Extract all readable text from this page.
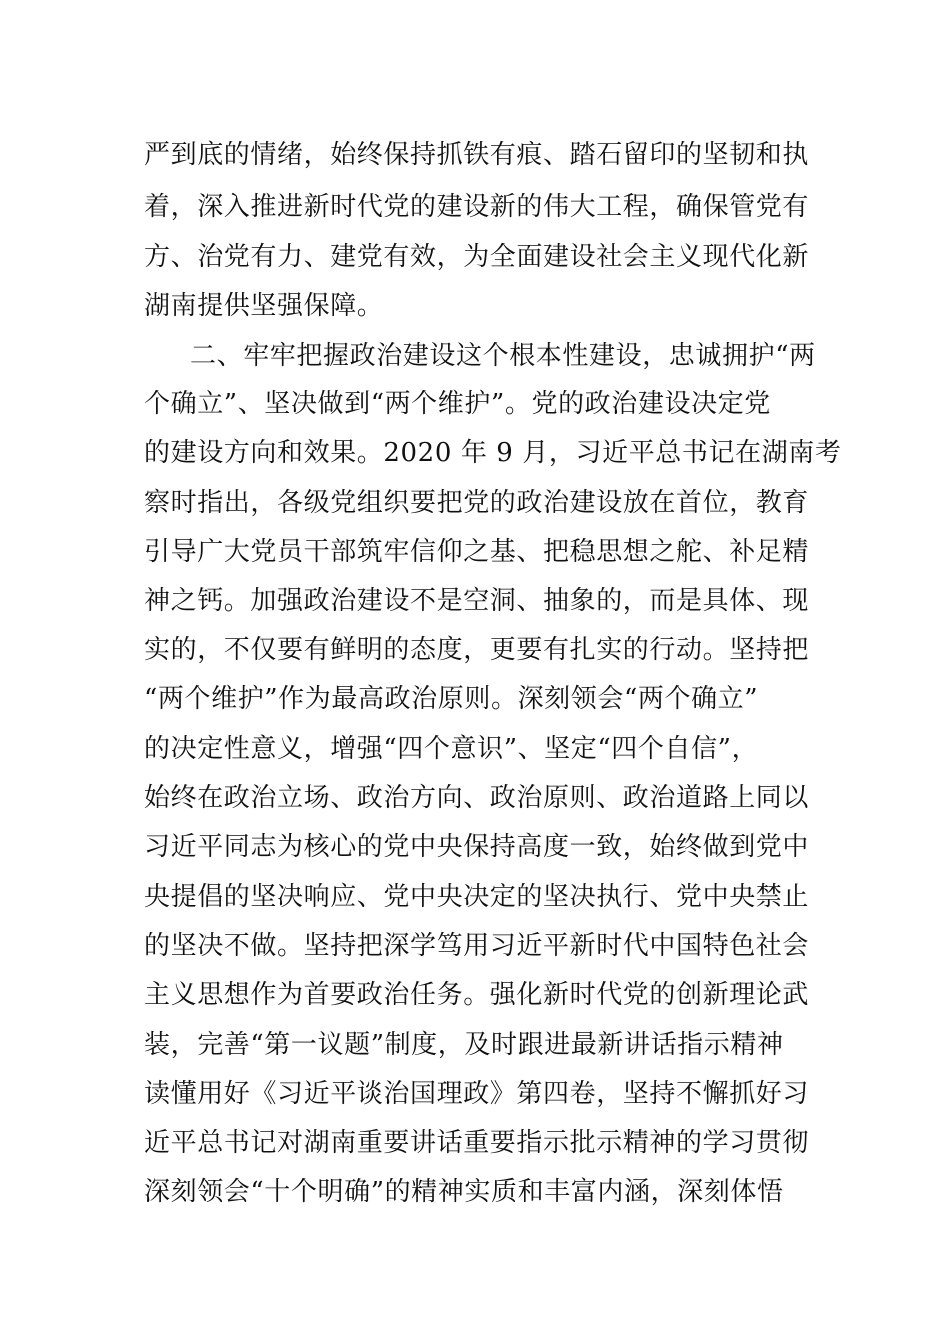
严到底的情绪，始终保持抓铁有痕、踏石留印的坚韧和执
着，深入推进新时代党的建设新的伟大工程，确保管党有
方、治党有力、建党有效，为全面建设社会主义现代化新
湖南提供坚强保障。
二、牢牢把握政治建设这个根本性建设，忠诚拥护“两
个确立”、坚决做到“两个维护”。党的政治建设决定党
的建设方向和效果。2020 年 9 月，习近平总书记在湖南考
察时指出，各级党组织要把党的政治建设放在首位，教育
引导广大党员干部筑牢信仰之基、把稳思想之舵、补足精
神之钙。加强政治建设不是空洞、抽象的，而是具体、现
实的，不仅要有鲜明的态度，更要有扎实的行动。坚持把
“两个维护”作为最高政治原则。深刻领会“两个确立”
的决定性意义，增强“四个意识”、坚定“四个自信”，
始终在政治立场、政治方向、政治原则、政治道路上同以
习近平同志为核心的党中央保持高度一致，始终做到党中
央提倡的坚决响应、党中央决定的坚决执行、党中央禁止
的坚决不做。坚持把深学笃用习近平新时代中国特色社会
主义思想作为首要政治任务。强化新时代党的创新理论武
装，完善“第一议题”制度，及时跟进最新讲话指示精神
读懂用好《习近平谈治国理政》第四卷，坚持不懈抓好习
近平总书记对湖南重要讲话重要指示批示精神的学习贯彻
深刻领会“十个明确”的精神实质和丰富内涵，深刻体悟
